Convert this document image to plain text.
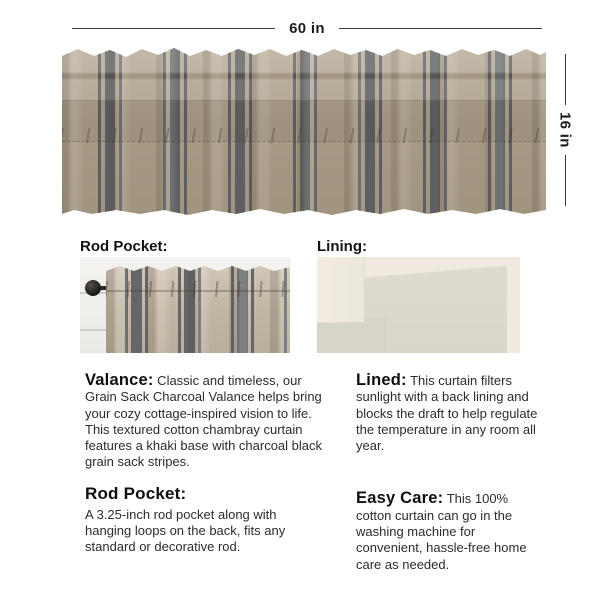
60 in
16 in
Rod Pocket:	Lining:

Valance: Classic and timeless, our Grain Sack Charcoal Valance helps bring your cozy cottage-inspired vision to life. This textured cotton chambray curtain features a khaki base with charcoal black grain sack stripes.

Rod Pocket:

A 3.25-inch rod pocket along with hanging loops on the back, fits any standard or decorative rod.

Lined: This curtain filters sunlight with a back lining and blocks the draft to help regulate the temperature in any room all year.

Easy Care: This 100% cotton curtain can go in the washing machine for convenient, hassle-free home care as needed.
